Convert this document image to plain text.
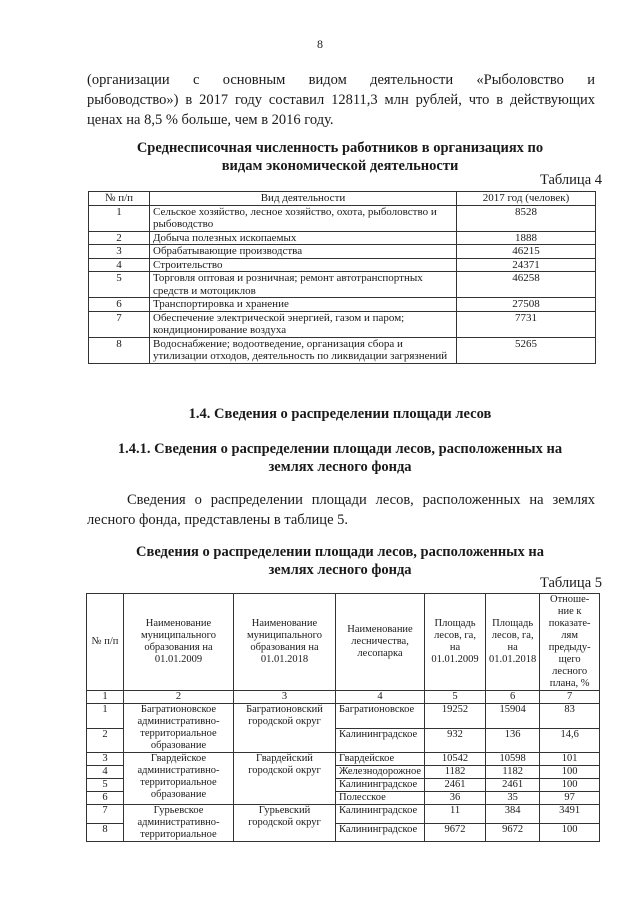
8
(организации с основным видом деятельности «Рыболовство и
рыбоводство») в 2017 году составил 12811,3 млн рублей, что в действующих
ценах на 8,5 % больше, чем в 2016 году.
Среднесписочная численность работников в организациях по
видам экономической деятельности
Таблица 4
№ п/п	Вид деятельности	2017 год (человек)
1	Сельское хозяйство, лесное хозяйство, охота, рыболовство и рыбоводство	8528
2	Добыча полезных ископаемых	1888
3	Обрабатывающие производства	46215
4	Строительство	24371
5	Торговля оптовая и розничная; ремонт автотранспортных средств и мотоциклов	46258
6	Транспортировка и хранение	27508
7	Обеспечение электрической энергией, газом и паром; кондиционирование воздуха	7731
8	Водоснабжение; водоотведение, организация сбора и утилизации отходов, деятельность по ликвидации загрязнений	5265
1.4. Сведения о распределении площади лесов
1.4.1. Сведения о распределении площади лесов, расположенных на
землях лесного фонда
Сведения о распределении площади лесов, расположенных на землях
лесного фонда, представлены в таблице 5.
Сведения о распределении площади лесов, расположенных на
землях лесного фонда
Таблица 5
№ п/п	Наименование муниципального образования на 01.01.2009	Наименование муниципального образования на 01.01.2018	Наименование лесничества, лесопарка	Площадь лесов, га, на 01.01.2009	Площадь лесов, га, на 01.01.2018	Отноше-ние к показате-лям предыду-щего лесного плана, %
1	2	3	4	5	6	7
1	Багратионовское административно-территориальное образование	Багратионовский городской округ	Багратионовское	19252	15904	83
2			Калининградское	932	136	14,6
3	Гвардейское административно-территориальное образование	Гвардейский городской округ	Гвардейское	10542	10598	101
4			Железнодорожное	1182	1182	100
5			Калининградское	2461	2461	100
6			Полесское	36	35	97
7	Гурьевское административно-территориальное	Гурьевский городской округ	Калининградское	11	384	3491
8			Калининградское	9672	9672	100
